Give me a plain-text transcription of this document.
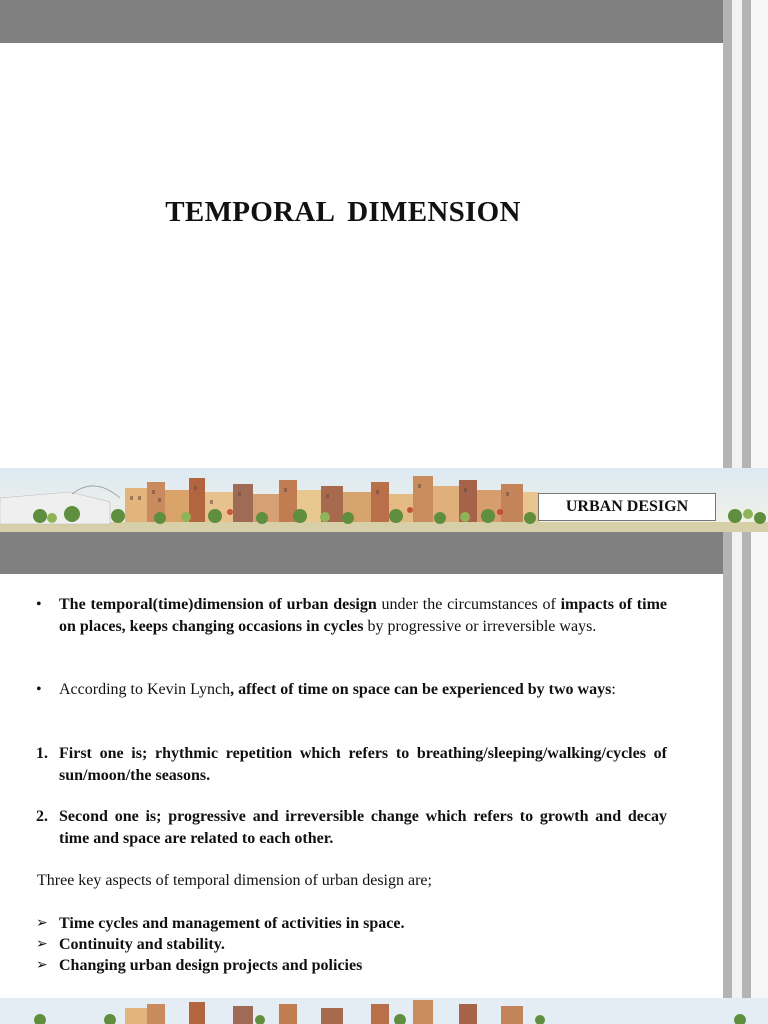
TEMPORAL DIMENSION
URBAN DESIGN
• The temporal(time)dimension of urban design under the circumstances of impacts of time on places, keeps changing occasions in cycles by progressive or irreversible ways.
• According to Kevin Lynch, affect of time on space can be experienced by two ways:
1. First one is; rhythmic repetition which refers to breathing/sleeping/walking/cycles of sun/moon/the seasons.
2. Second one is; progressive and irreversible change which refers to growth and decay time and space are related to each other.
Three key aspects of temporal dimension of urban design are;
➢ Time cycles and management of activities in space.
➢ Continuity and stability.
➢ Changing urban design projects and policies
